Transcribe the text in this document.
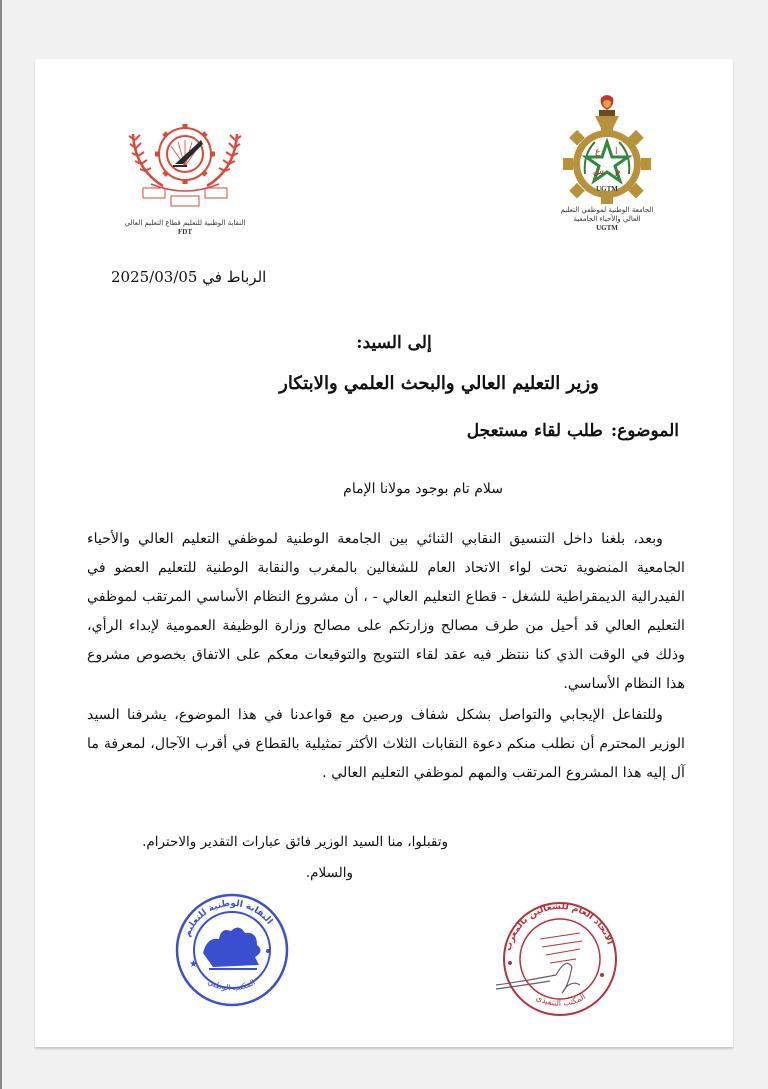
النقابة الوطنية للتعليم قطاع التعليم العالي
FDT
ع ا
ش م
UGTM
الجامعة الوطنية لموظفي التعليم
العالي والأحياء الجامعية
UGTM
الرباط في 2025/03/05
إلى السيد:
وزير التعليم العالي والبحث العلمي والابتكار
الموضوع:طلب لقاء مستعجل
سلام تام بوجود مولانا الإمام
وبعد، بلغنا داخل التنسيق النقابي الثنائي بين الجامعة الوطنية لموظفي التعليم العالي والأحياء الجامعية المنضوية تحت لواء الاتحاد العام للشغالين بالمغرب والنقابة الوطنية للتعليم العضو في الفيدرالية الديمقراطية للشغل - قطاع التعليم العالي - ، أن مشروع النظام الأساسي المرتقب لموظفي التعليم العالي قد أحيل من طرف مصالح وزارتكم على مصالح وزارة الوظيفة العمومية لإبداء الرأي، وذلك في الوقت الذي كنا ننتظر فيه عقد لقاء التتويج والتوقيعات معكم على الاتفاق بخصوص مشروع هذا النظام الأساسي.
وللتفاعل الإيجابي والتواصل بشكل شفاف ورصين مع قواعدنا في هذا الموضوع، يشرفنا السيد الوزير المحترم أن نطلب منكم دعوة النقابات الثلاث الأكثر تمثيلية بالقطاع في أقرب الآجال، لمعرفة ما آل إليه هذا المشروع المرتقب والمهم لموظفي التعليم العالي .
وتقبلوا، منا السيد الوزير فائق عبارات التقدير والاحترام.
والسلام.
★
النقابة الوطنية للتعليم
المكتب الوطني
الاتحاد العام للشغالين بالمغرب
المكتب التنفيذي
